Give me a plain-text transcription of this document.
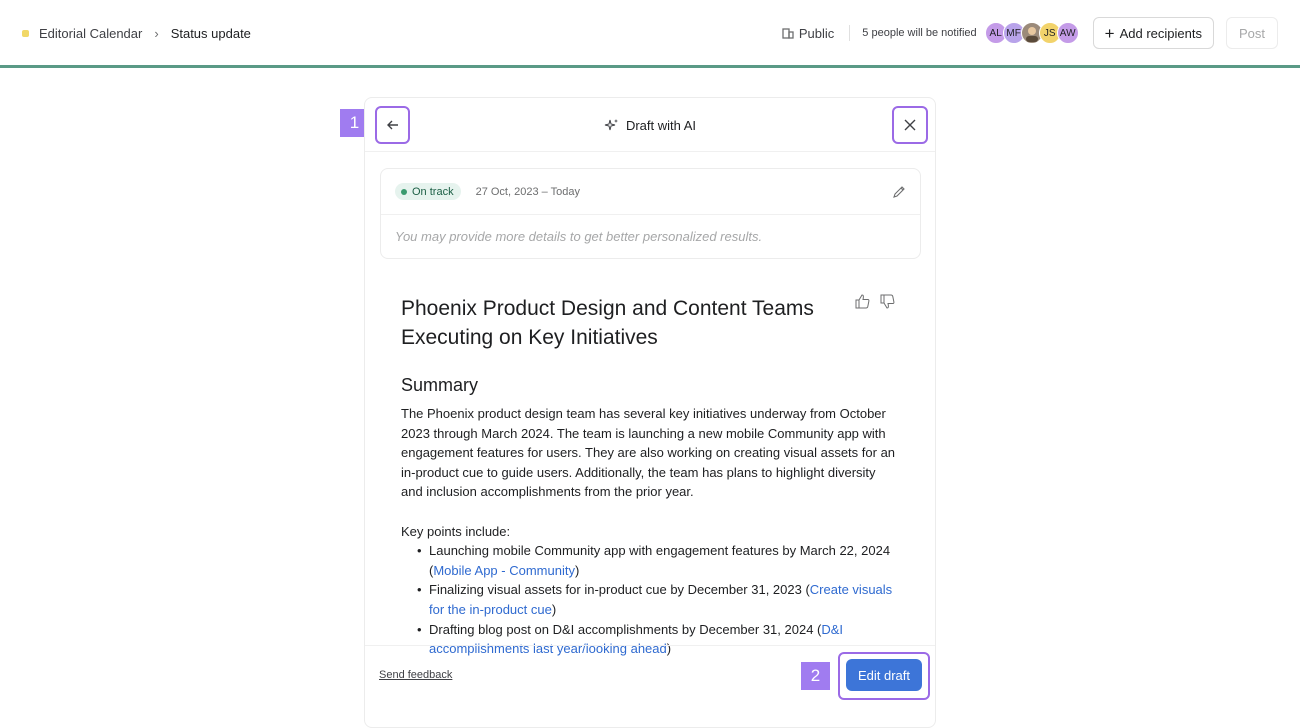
Editorial Calendar › Status update	Public	5 people will be notified	AL MF	JS AW + Add recipients	Post
1	Draft with AI
On track 27 Oct, 2023 – Today
You may provide more details to get better personalized results.
Phoenix Product Design and Content Teams Executing on Key Initiatives
Summary
The Phoenix product design team has several key initiatives underway from October 2023 through March 2024. The team is launching a new mobile Community app with engagement features for users. They are also working on creating visual assets for an in-product cue to guide users. Additionally, the team has plans to highlight diversity and inclusion accomplishments from the prior year.
Key points include:
• Launching mobile Community app with engagement features by March 22, 2024 (Mobile App - Community)
• Finalizing visual assets for in-product cue by December 31, 2023 (Create visuals for the in-product cue)
• Drafting blog post on D&I accomplishments by December 31, 2024 (D&I accomplishments last year/looking ahead)
Send feedback	Edit draft
2
